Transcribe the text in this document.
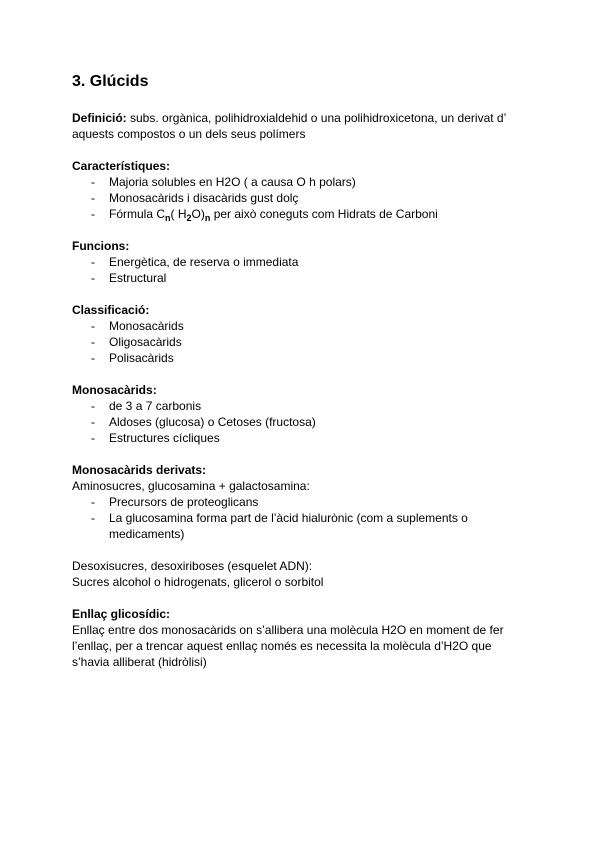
3. Glúcids

Definició: subs. orgànica, polihidroxialdehid o una polihidroxicetona, un derivat d’ aquests compostos o un dels seus polímers

Característiques:
- Majoria solubles en H2O ( a causa O h polars)
- Monosacàrids i disacàrids gust dolç
- Fórmula $C_n$( $H_2O)_n$ per això coneguts com Hidrats de Carboni
Funcions:
- Energètica, de reserva o immediata
- Estructural
Classificació:
- Monosacàrids
- Oligosacàrids
- Polisacàrids
Monosacàrids:
- de 3 a 7 carbonis
- Aldoses (glucosa) o Cetoses (fructosa)
- Estructures cícliques
Monosacàrids derivats:

Aminosucres, glucosamina + galactosamina:

- Precursors de proteoglicans
- La glucosamina forma part de l’àcid hialurònic (com a suplements o medicaments)

Desoxisucres, desoxiriboses (esquelet ADN):

Sucres alcohol o hidrogenats, glicerol o sorbitol

Enllaç glicosídic:

Enllaç entre dos monosacàrids on s’allibera una molècula H2O en moment de fer l’enllaç, per a trencar aquest enllaç només es necessita la molècula d’H2O que s’havia alliberat (hidròlisi)
